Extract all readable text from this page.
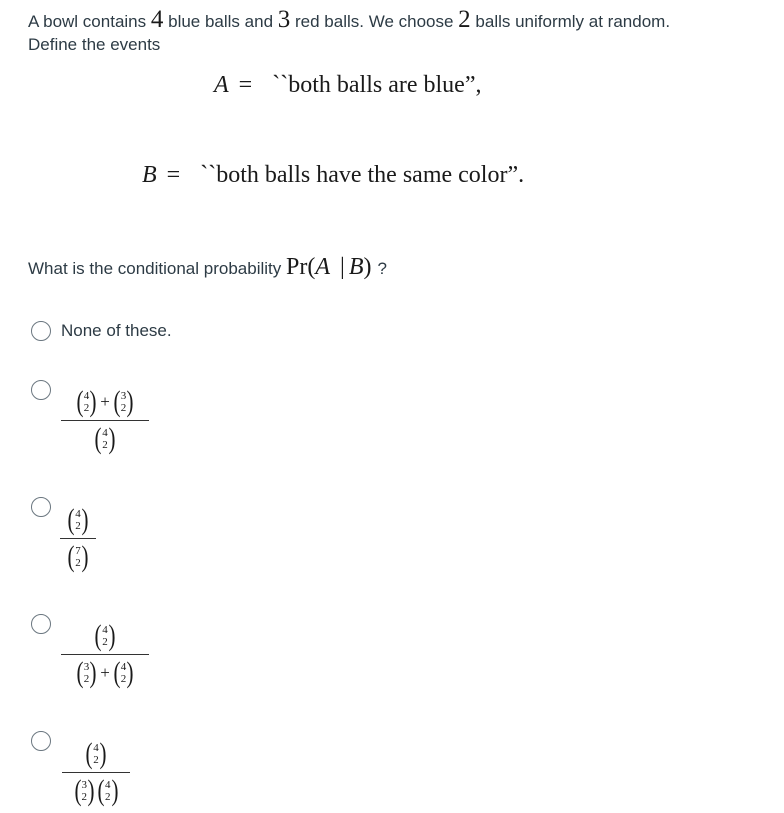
A bowl contains 4 blue balls and 3 red balls. We choose 2 balls uniformly at random.
Define the events
A = ``both balls are blue”,
B = ``both balls have the same color”.
What is the conditional probability Pr(A | B) ?
None of these.
( 4
2 ) + ( 3
2 )
( 4
2 )
( 4
2 )
( 7
2 )
( 4
2 )
( 3
2 ) + ( 4
2 )
( 4
2 )
( 3
2 ) ( 4
2 )
